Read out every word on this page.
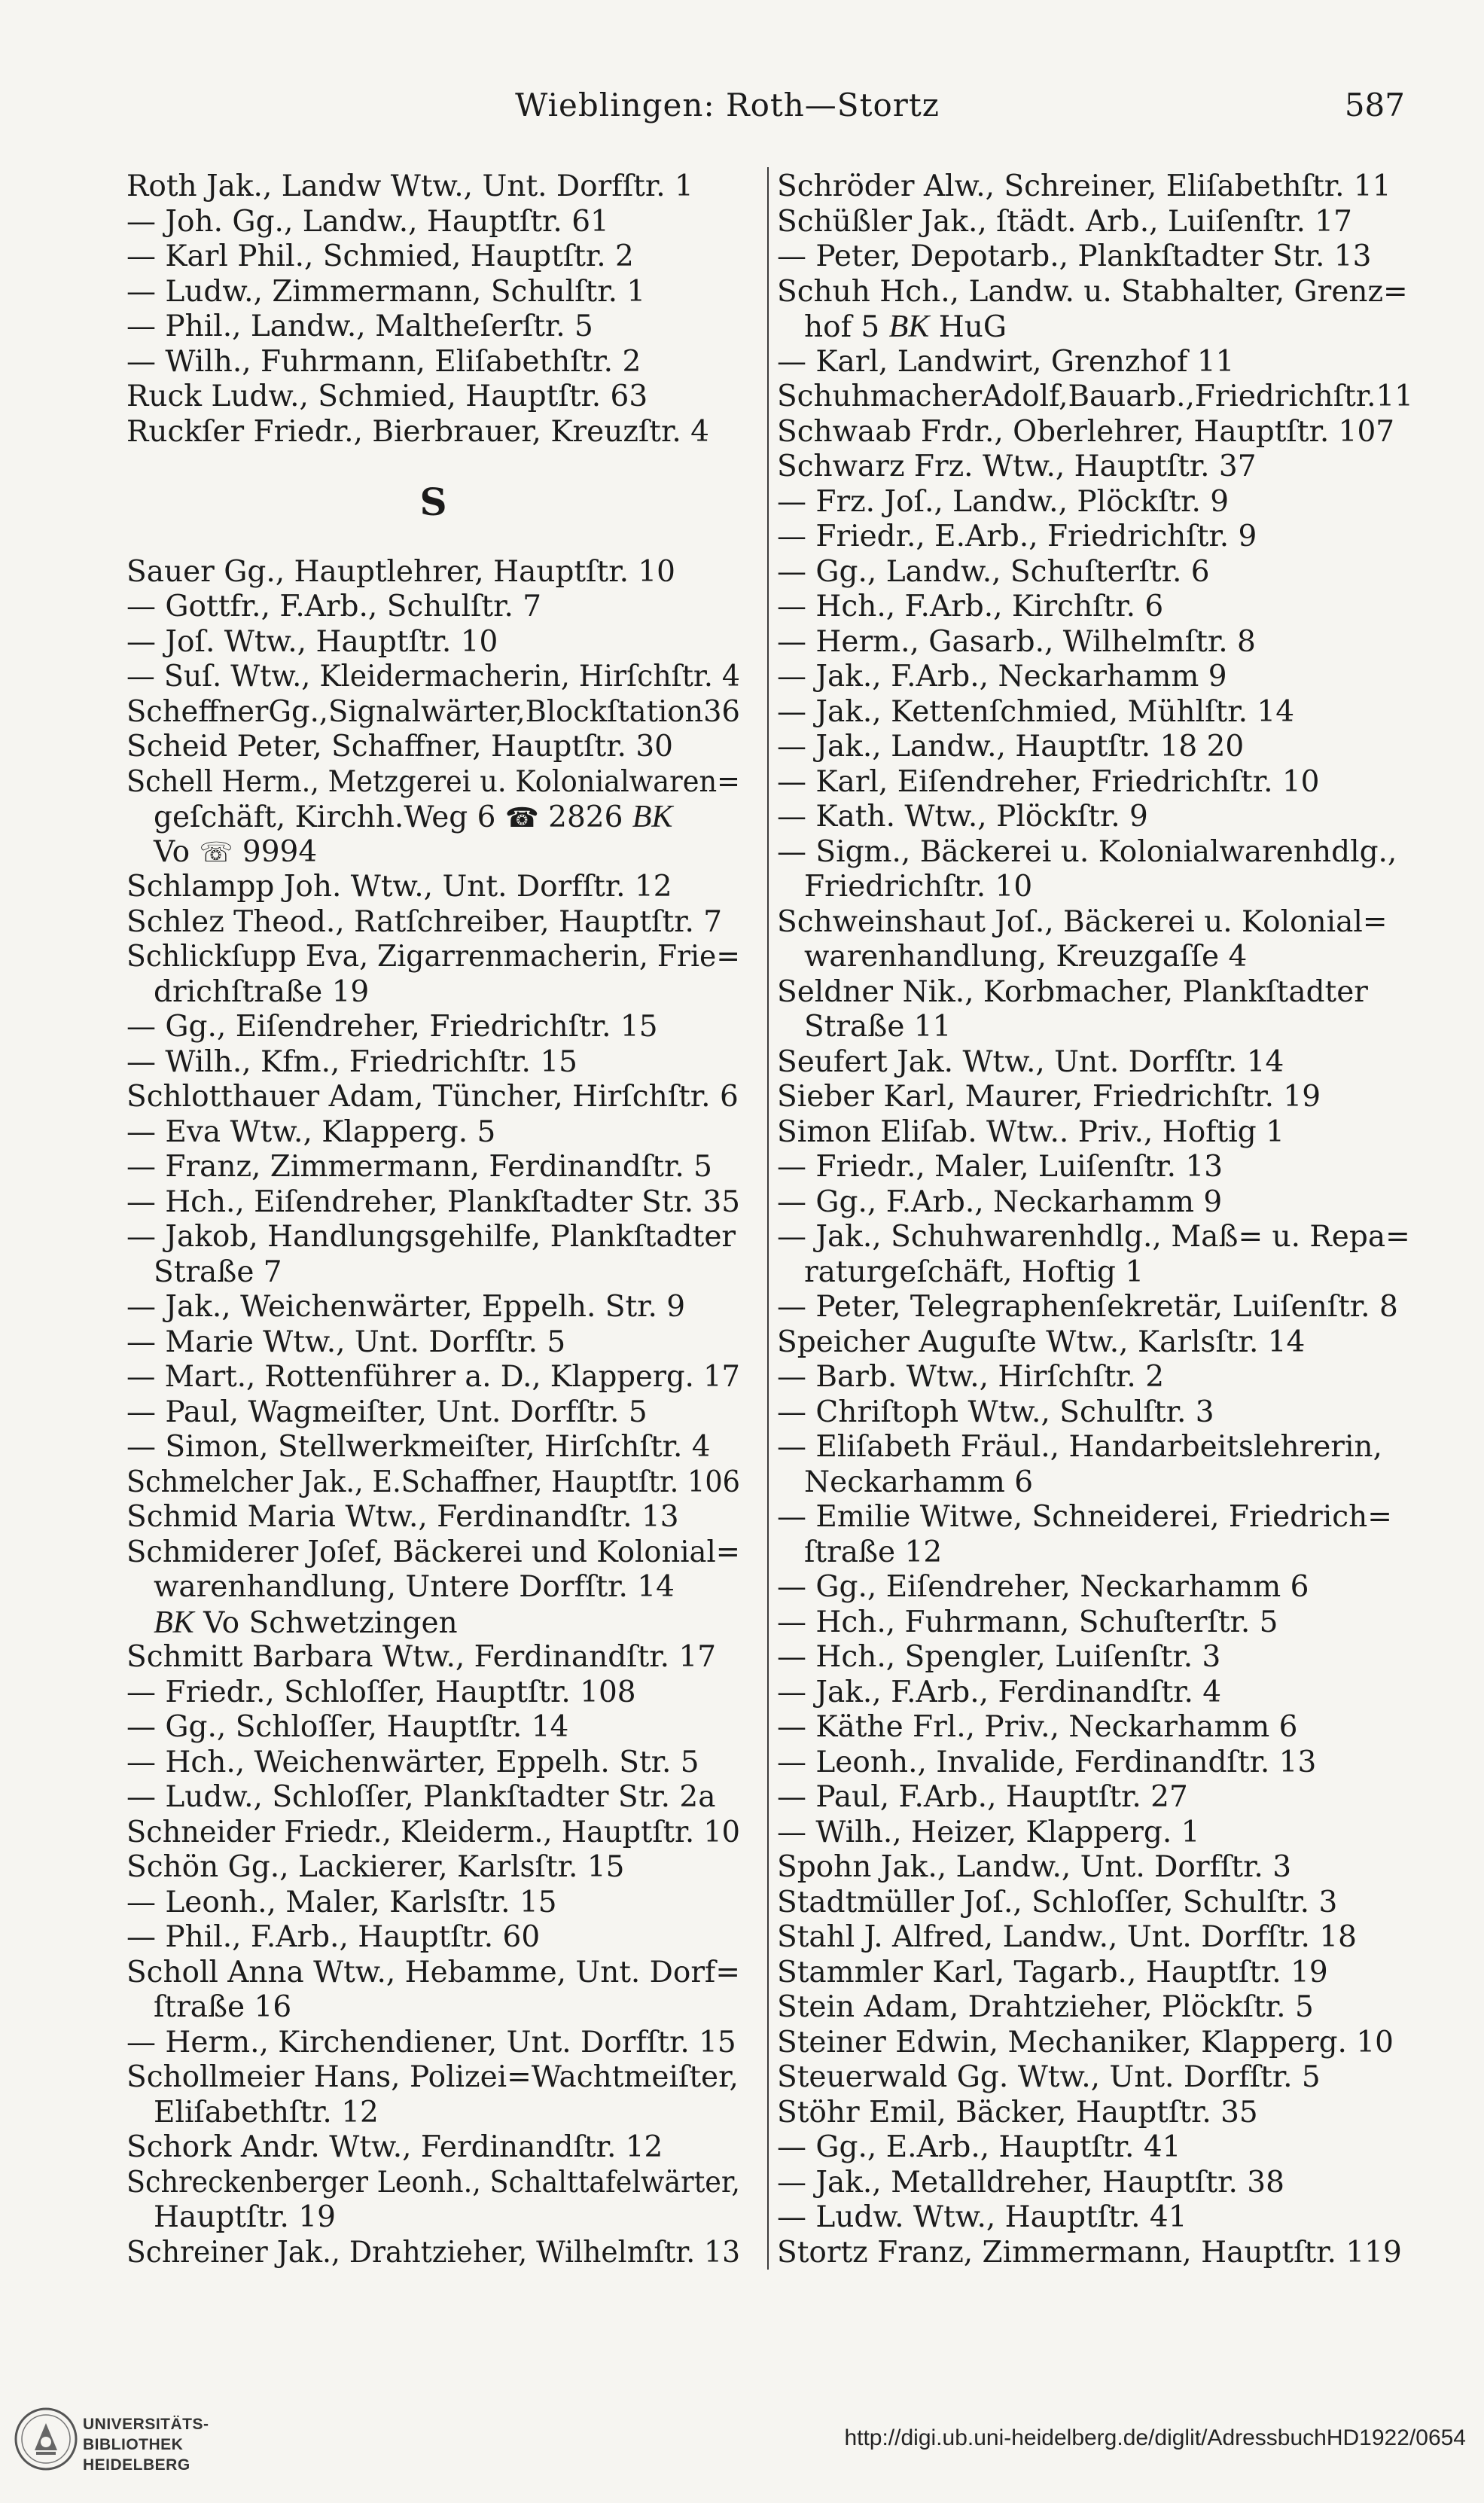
Wieblingen: Roth—Stortz	587
Roth Jak., Landw Wtw., Unt. Dorfſtr. 1
— Joh. Gg., Landw., Hauptſtr. 61
— Karl Phil., Schmied, Hauptſtr. 2
— Ludw., Zimmermann, Schulſtr. 1
— Phil., Landw., Maltheſerſtr. 5
— Wilh., Fuhrmann, Eliſabethſtr. 2
Ruck Ludw., Schmied, Hauptſtr. 63
Ruckſer Friedr., Bierbrauer, Kreuzſtr. 4
S
Sauer Gg., Hauptlehrer, Hauptſtr. 10
— Gottfr., F.Arb., Schulſtr. 7
— Joſ. Wtw., Hauptſtr. 10
— Suſ. Wtw., Kleidermacherin, Hirſchſtr. 4
ScheffnerGg.,Signalwärter,Blockſtation36
Scheid Peter, Schaffner, Hauptſtr. 30
Schell Herm., Metzgerei u. Kolonialwaren=
geſchäft, Kirchh.Weg 6 ☎ 2826 BK
Vo ☏ 9994
Schlampp Joh. Wtw., Unt. Dorfſtr. 12
Schlez Theod., Ratſchreiber, Hauptſtr. 7
Schlickſupp Eva, Zigarrenmacherin, Frie=
drichſtraße 19
— Gg., Eiſendreher, Friedrichſtr. 15
— Wilh., Kfm., Friedrichſtr. 15
Schlotthauer Adam, Tüncher, Hirſchſtr. 6
— Eva Wtw., Klapperg. 5
— Franz, Zimmermann, Ferdinandſtr. 5
— Hch., Eiſendreher, Plankſtadter Str. 35
— Jakob, Handlungsgehilfe, Plankſtadter
Straße 7
— Jak., Weichenwärter, Eppelh. Str. 9
— Marie Wtw., Unt. Dorfſtr. 5
— Mart., Rottenführer a. D., Klapperg. 17
— Paul, Wagmeiſter, Unt. Dorfſtr. 5
— Simon, Stellwerkmeiſter, Hirſchſtr. 4
Schmelcher Jak., E.Schaffner, Hauptſtr. 106
Schmid Maria Wtw., Ferdinandſtr. 13
Schmiderer Joſef, Bäckerei und Kolonial=
warenhandlung, Untere Dorfſtr. 14
BK Vo Schwetzingen
Schmitt Barbara Wtw., Ferdinandſtr. 17
— Friedr., Schloſſer, Hauptſtr. 108
— Gg., Schloſſer, Hauptſtr. 14
— Hch., Weichenwärter, Eppelh. Str. 5
— Ludw., Schloſſer, Plankſtadter Str. 2a
Schneider Friedr., Kleiderm., Hauptſtr. 10
Schön Gg., Lackierer, Karlsſtr. 15
— Leonh., Maler, Karlsſtr. 15
— Phil., F.Arb., Hauptſtr. 60
Scholl Anna Wtw., Hebamme, Unt. Dorf=
ſtraße 16
— Herm., Kirchendiener, Unt. Dorfſtr. 15
Schollmeier Hans, Polizei=Wachtmeiſter,
Eliſabethſtr. 12
Schork Andr. Wtw., Ferdinandſtr. 12
Schreckenberger Leonh., Schalttafelwärter,
Hauptſtr. 19
Schreiner Jak., Drahtzieher, Wilhelmſtr. 13
Schröder Alw., Schreiner, Eliſabethſtr. 11
Schüßler Jak., ſtädt. Arb., Luiſenſtr. 17
— Peter, Depotarb., Plankſtadter Str. 13
Schuh Hch., Landw. u. Stabhalter, Grenz=
hof 5 BK HuG
— Karl, Landwirt, Grenzhof 11
SchuhmacherAdolf,Bauarb.,Friedrichſtr.11
Schwaab Frdr., Oberlehrer, Hauptſtr. 107
Schwarz Frz. Wtw., Hauptſtr. 37
— Frz. Joſ., Landw., Plöckſtr. 9
— Friedr., E.Arb., Friedrichſtr. 9
— Gg., Landw., Schuſterſtr. 6
— Hch., F.Arb., Kirchſtr. 6
— Herm., Gasarb., Wilhelmſtr. 8
— Jak., F.Arb., Neckarhamm 9
— Jak., Kettenſchmied, Mühlſtr. 14
— Jak., Landw., Hauptſtr. 18 20
— Karl, Eiſendreher, Friedrichſtr. 10
— Kath. Wtw., Plöckſtr. 9
— Sigm., Bäckerei u. Kolonialwarenhdlg.,
Friedrichſtr. 10
Schweinshaut Joſ., Bäckerei u. Kolonial=
warenhandlung, Kreuzgaſſe 4
Seldner Nik., Korbmacher, Plankſtadter
Straße 11
Seufert Jak. Wtw., Unt. Dorfſtr. 14
Sieber Karl, Maurer, Friedrichſtr. 19
Simon Eliſab. Wtw.. Priv., Hoftig 1
— Friedr., Maler, Luiſenſtr. 13
— Gg., F.Arb., Neckarhamm 9
— Jak., Schuhwarenhdlg., Maß= u. Repa=
raturgeſchäft, Hoftig 1
— Peter, Telegraphenſekretär, Luiſenſtr. 8
Speicher Auguſte Wtw., Karlsſtr. 14
— Barb. Wtw., Hirſchſtr. 2
— Chriſtoph Wtw., Schulſtr. 3
— Eliſabeth Fräul., Handarbeitslehrerin,
Neckarhamm 6
— Emilie Witwe, Schneiderei, Friedrich=
ſtraße 12
— Gg., Eiſendreher, Neckarhamm 6
— Hch., Fuhrmann, Schuſterſtr. 5
— Hch., Spengler, Luiſenſtr. 3
— Jak., F.Arb., Ferdinandſtr. 4
— Käthe Frl., Priv., Neckarhamm 6
— Leonh., Invalide, Ferdinandſtr. 13
— Paul, F.Arb., Hauptſtr. 27
— Wilh., Heizer, Klapperg. 1
Spohn Jak., Landw., Unt. Dorfſtr. 3
Stadtmüller Joſ., Schloſſer, Schulſtr. 3
Stahl J. Alfred, Landw., Unt. Dorfſtr. 18
Stammler Karl, Tagarb., Hauptſtr. 19
Stein Adam, Drahtzieher, Plöckſtr. 5
Steiner Edwin, Mechaniker, Klapperg. 10
Steuerwald Gg. Wtw., Unt. Dorfſtr. 5
Stöhr Emil, Bäcker, Hauptſtr. 35
— Gg., E.Arb., Hauptſtr. 41
— Jak., Metalldreher, Hauptſtr. 38
— Ludw. Wtw., Hauptſtr. 41
Stortz Franz, Zimmermann, Hauptſtr. 119
UNIVERSITÄTS-
BIBLIOTHEK
HEIDELBERG
http://digi.ub.uni-heidelberg.de/diglit/AdressbuchHD1922/0654
